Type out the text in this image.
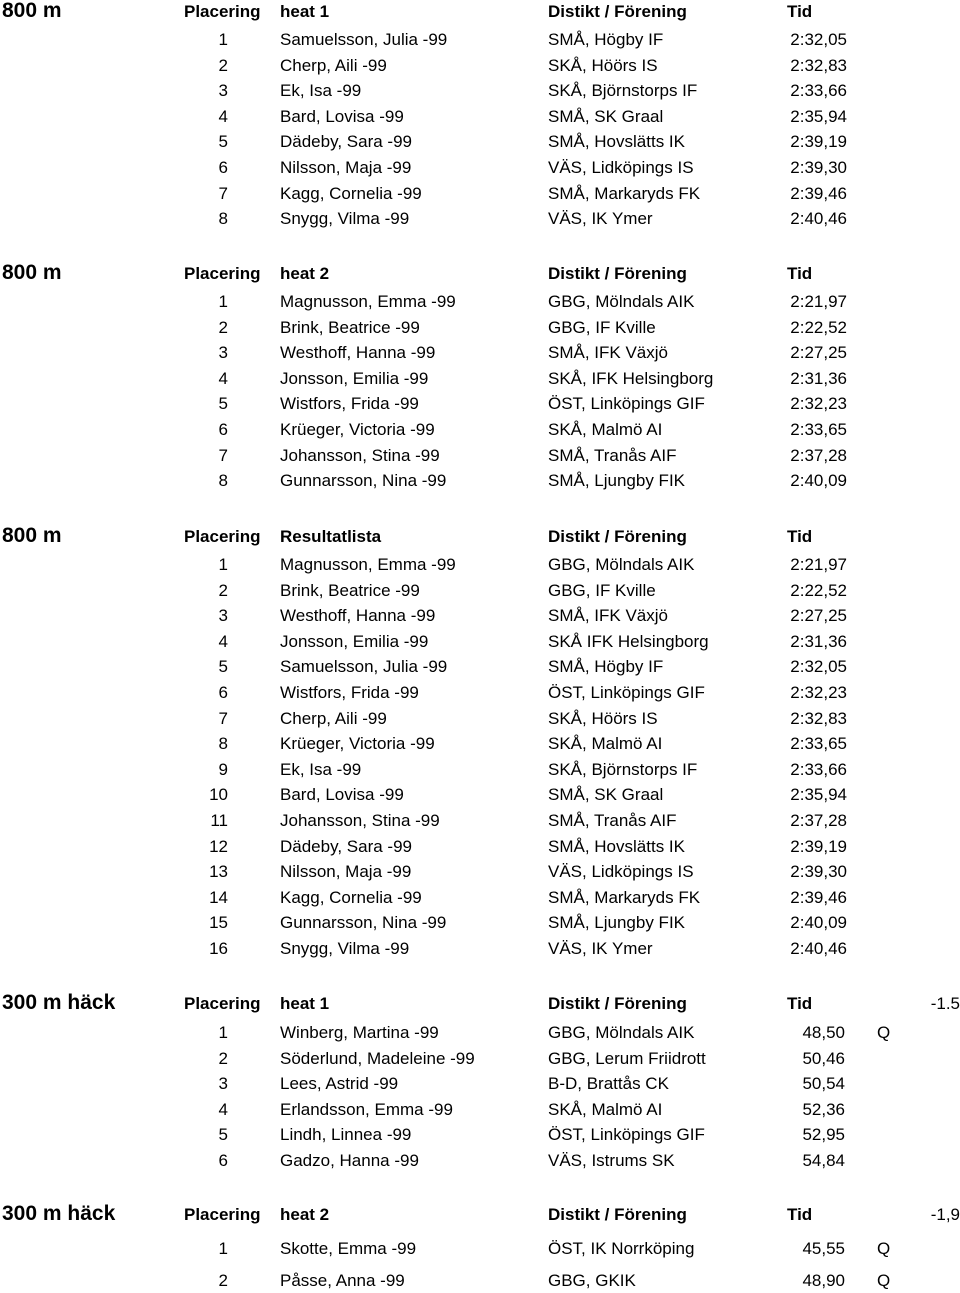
800 m	Placering heat 1	Distikt / Förening	Tid
1	Samuelsson, Julia -99	SMÅ, Högby IF	2:32,05
2	Cherp, Aili -99	SKÅ, Höörs IS	2:32,83
3	Ek, Isa -99	SKÅ, Björnstorps IF	2:33,66
4	Bard, Lovisa -99	SMÅ, SK Graal	2:35,94
5	Dädeby, Sara -99	SMÅ, Hovslätts IK	2:39,19
6	Nilsson, Maja -99	VÄS, Lidköpings IS	2:39,30
7	Kagg, Cornelia -99	SMÅ, Markaryds FK	2:39,46
8	Snygg, Vilma -99	VÄS, IK Ymer	2:40,46
800 m	Placering heat 2	Distikt / Förening	Tid
1	Magnusson, Emma -99	GBG, Mölndals AIK	2:21,97
2	Brink, Beatrice -99	GBG, IF Kville	2:22,52
3	Westhoff, Hanna -99	SMÅ, IFK Växjö	2:27,25
4	Jonsson, Emilia -99	SKÅ, IFK Helsingborg	2:31,36
5	Wistfors, Frida -99	ÖST, Linköpings GIF	2:32,23
6	Krüeger, Victoria -99	SKÅ, Malmö AI	2:33,65
7	Johansson, Stina -99	SMÅ, Tranås AIF	2:37,28
8	Gunnarsson, Nina -99	SMÅ, Ljungby FIK	2:40,09
800 m	Placering Resultatlista	Distikt / Förening	Tid
1	Magnusson, Emma -99	GBG, Mölndals AIK	2:21,97
2	Brink, Beatrice -99	GBG, IF Kville	2:22,52
3	Westhoff, Hanna -99	SMÅ, IFK Växjö	2:27,25
4	Jonsson, Emilia -99	SKÅ IFK Helsingborg	2:31,36
5	Samuelsson, Julia -99	SMÅ, Högby IF	2:32,05
6	Wistfors, Frida -99	ÖST, Linköpings GIF	2:32,23
7	Cherp, Aili -99	SKÅ, Höörs IS	2:32,83
8	Krüeger, Victoria -99	SKÅ, Malmö AI	2:33,65
9	Ek, Isa -99	SKÅ, Björnstorps IF	2:33,66
10	Bard, Lovisa -99	SMÅ, SK Graal	2:35,94
11	Johansson, Stina -99	SMÅ, Tranås AIF	2:37,28
12	Dädeby, Sara -99	SMÅ, Hovslätts IK	2:39,19
13	Nilsson, Maja -99	VÄS, Lidköpings IS	2:39,30
14	Kagg, Cornelia -99	SMÅ, Markaryds FK	2:39,46
15	Gunnarsson, Nina -99	SMÅ, Ljungby FIK	2:40,09
16	Snygg, Vilma -99	VÄS, IK Ymer	2:40,46
300 m häck	Placering heat 1	Distikt / Förening	Tid	-1.5
1	Winberg, Martina -99	GBG, Mölndals AIK	48,50 Q
2	Söderlund, Madeleine -99	GBG, Lerum Friidrott	50,46
3	Lees, Astrid -99	B-D, Brattås CK	50,54
4	Erlandsson, Emma -99	SKÅ, Malmö AI	52,36
5	Lindh, Linnea -99	ÖST, Linköpings GIF	52,95
6	Gadzo, Hanna -99	VÄS, Istrums SK	54,84
300 m häck	Placering heat 2	Distikt / Förening	Tid	-1,9
1	Skotte, Emma -99	ÖST, IK Norrköping	45,55 Q
2	Påsse, Anna -99	GBG, GKIK	48,90 Q
